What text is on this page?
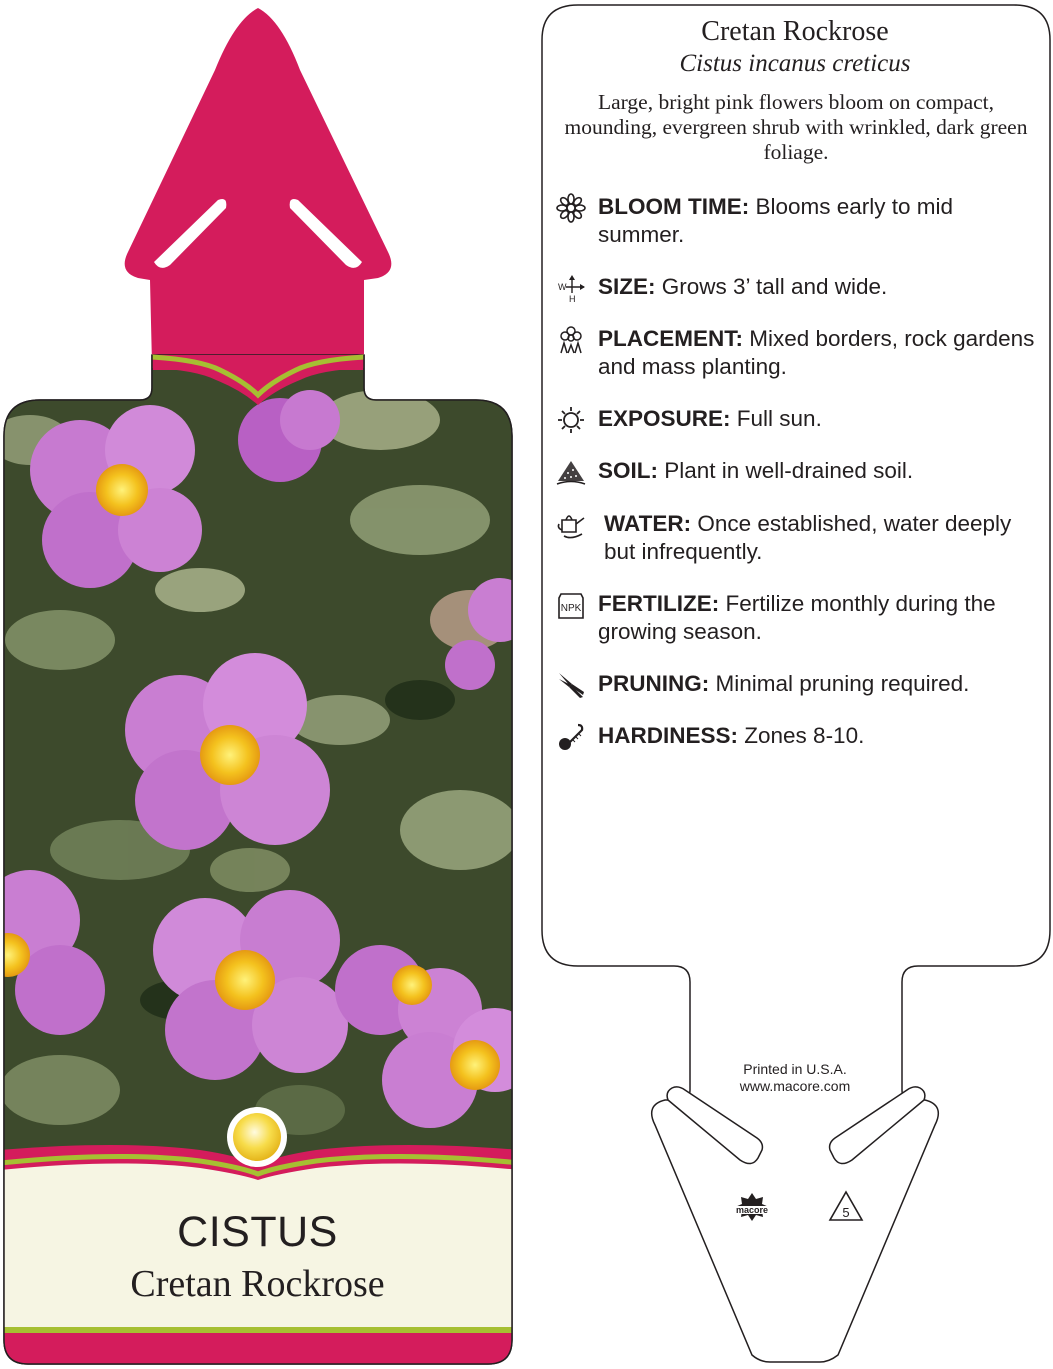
CISTUS
Cretan Rockrose
Cretan Rockrose
Cistus incanus creticus
Large, bright pink flowers bloom on compact, mounding, evergreen shrub with wrinkled, dark green foliage.
BLOOM TIME: Blooms early to mid summer.
W
H SIZE: Grows 3’ tall and wide.
PLACEMENT: Mixed borders, rock gardens and mass planting.
EXPOSURE: Full sun.
SOIL: Plant in well-drained soil.
WATER: Once established, water deeply but infrequently.
NPK FERTILIZE: Fertilize monthly during the growing season.
PRUNING: Minimal pruning required.
HARDINESS: Zones 8-10.
Printed in U.S.A.
www.macore.com
macore	5
